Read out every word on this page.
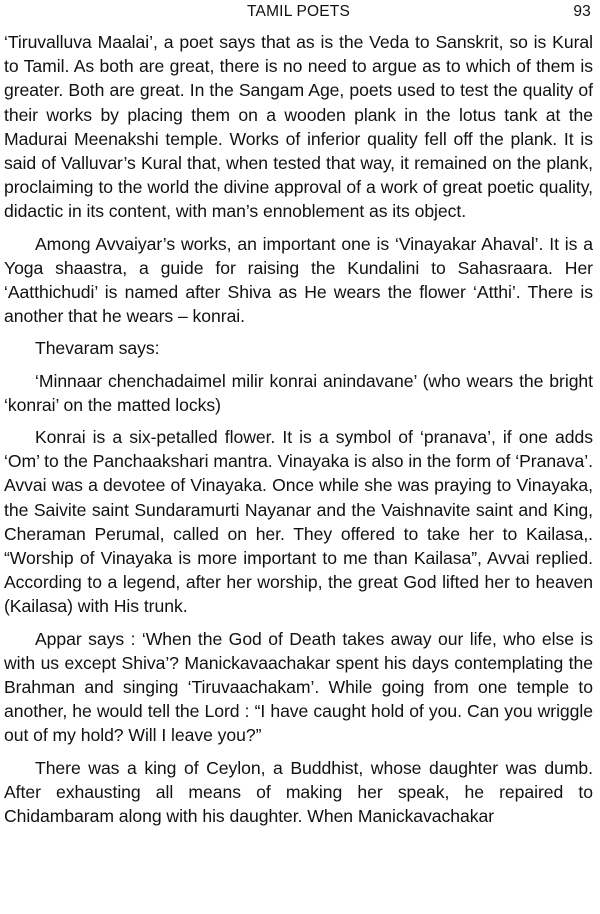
TAMIL POETS	93

‘Tiruvalluva Maalai’, a poet says that as is the Veda to Sanskrit, so is Kural to Tamil. As both are great, there is no need to argue as to which of them is greater. Both are great. In the Sangam Age, poets used to test the quality of their works by placing them on a wooden plank in the lotus tank at the Madurai Meenakshi temple. Works of inferior quality fell off the plank. It is said of Valluvar’s Kural that, when tested that way, it remained on the plank, proclaiming to the world the divine approval of a work of great poetic quality, didactic in its content, with man’s ennoblement as its object.

Among Avvaiyar’s works, an important one is ‘Vinayakar Ahaval’. It is a Yoga shaastra, a guide for raising the Kundalini to Sahasraara. Her ‘Aatthichudi’ is named after Shiva as He wears the flower ‘Atthi’. There is another that he wears – konrai.

Thevaram says:

‘Minnaar chenchadaimel milir konrai anindavane’ (who wears the bright ‘konrai’ on the matted locks)

Konrai is a six-petalled flower. It is a symbol of ‘pranava’, if one adds ‘Om’ to the Panchaakshari mantra. Vinayaka is also in the form of ‘Pranava’. Avvai was a devotee of Vinayaka. Once while she was praying to Vinayaka, the Saivite saint Sundaramurti Nayanar and the Vaishnavite saint and King, Cheraman Perumal, called on her. They offered to take her to Kailasa,. “Worship of Vinayaka is more important to me than Kailasa”, Avvai replied. According to a legend, after her worship, the great God lifted her to heaven (Kailasa) with His trunk.

Appar says : ‘When the God of Death takes away our life, who else is with us except Shiva’? Manickavaachakar spent his days contemplating the Brahman and singing ‘Tiruvaachakam’. While going from one temple to another, he would tell the Lord : “I have caught hold of you. Can you wriggle out of my hold? Will I leave you?”

There was a king of Ceylon, a Buddhist, whose daughter was dumb. After exhausting all means of making her speak, he repaired to Chidambaram along with his daughter. When Manickavachakar
